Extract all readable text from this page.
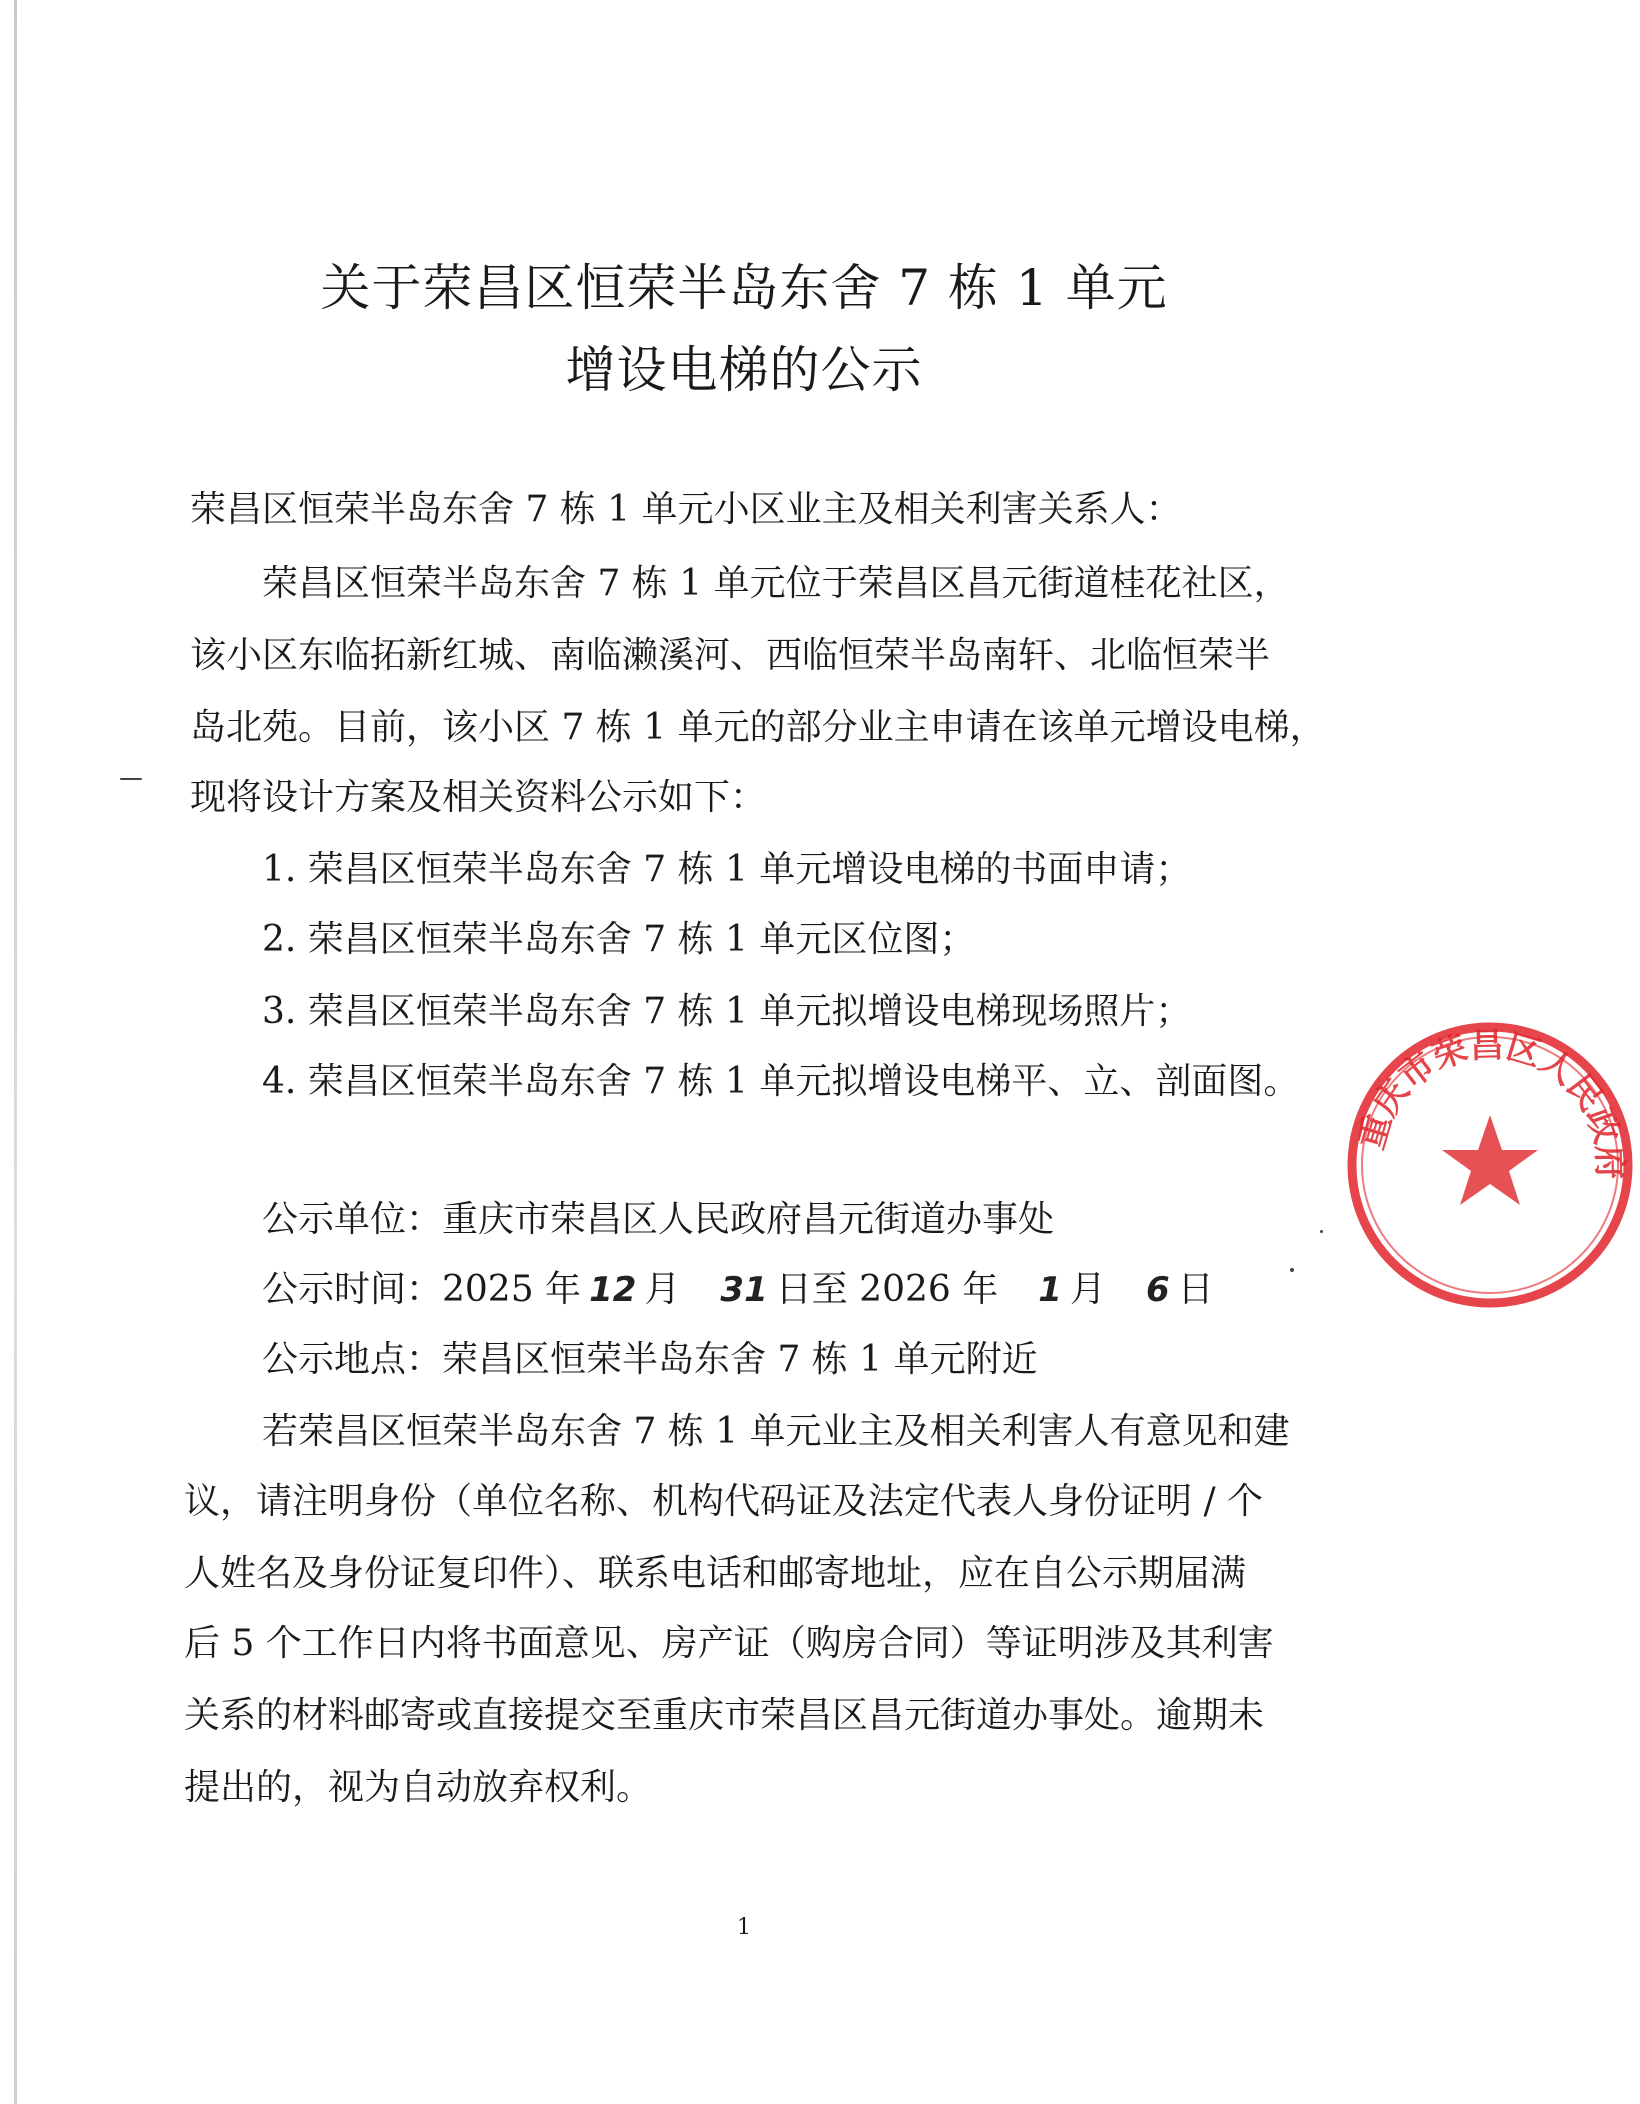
关于荣昌区恒荣半岛东舍 7 栋 1 单元
增设电梯的公示
荣昌区恒荣半岛东舍 7 栋 1 单元小区业主及相关利害关系人：
荣昌区恒荣半岛东舍 7 栋 1 单元位于荣昌区昌元街道桂花社区，
该小区东临拓新红城、南临濑溪河、西临恒荣半岛南轩、北临恒荣半
岛北苑。目前，该小区 7 栋 1 单元的部分业主申请在该单元增设电梯，
现将设计方案及相关资料公示如下：
1. 荣昌区恒荣半岛东舍 7 栋 1 单元增设电梯的书面申请；
2. 荣昌区恒荣半岛东舍 7 栋 1 单元区位图；
3. 荣昌区恒荣半岛东舍 7 栋 1 单元拟增设电梯现场照片；
4. 荣昌区恒荣半岛东舍 7 栋 1 单元拟增设电梯平、立、剖面图。
公示单位：重庆市荣昌区人民政府昌元街道办事处
公示时间：2025 年 12 月 31 日至 2026 年 1 月 6 日
公示地点：荣昌区恒荣半岛东舍 7 栋 1 单元附近
若荣昌区恒荣半岛东舍 7 栋 1 单元业主及相关利害人有意见和建
议，请注明身份（单位名称、机构代码证及法定代表人身份证明 / 个
人姓名及身份证复印件）、联系电话和邮寄地址，应在自公示期届满
后 5 个工作日内将书面意见、房产证（购房合同）等证明涉及其利害
关系的材料邮寄或直接提交至重庆市荣昌区昌元街道办事处。逾期未
提出的，视为自动放弃权利。
1
重庆市荣昌区人民政府
